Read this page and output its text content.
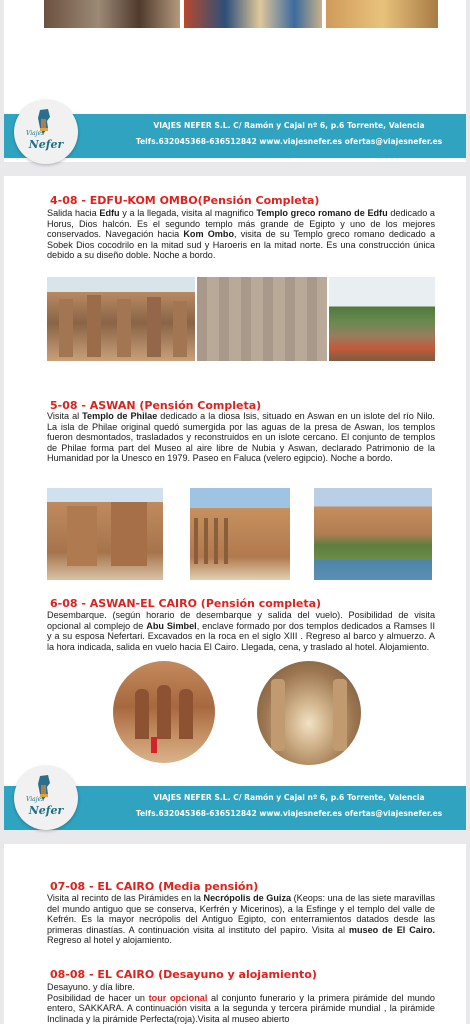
VIAJES NEFER S.L. C/ Ramón y Cajal nº 6, p.6 Torrente, Valencia
Telfs.632045368-636512842 www.viajesnefer.es ofertas@viajesnefer.es
Viajes
Nefer
4-08 - EDFU-KOM OMBO(Pensión Completa)

Salida hacia Edfu y a la llegada, visita al magnifico Templo greco romano de Edfu dedicado a Horus, Dios halcón. Es el segundo templo más grande de Egipto y uno de los mejores conservados. Navegación hacia Kom Ombo, visita de su Templo greco romano dedicado a Sobek Dios cocodrilo en la mitad sud y Haroeris en la mitad norte. Es una construcción única debido a su diseño doble. Noche a bordo.

5-08 - ASWAN (Pensión Completa)

Visita al Templo de Philae dedicado a la diosa Isis, situado en Aswan en un islote del río Nilo. La isla de Philae original quedó sumergida por las aguas de la presa de Aswan, los templos fueron desmontados, trasladados y reconstruidos en un islote cercano. El conjunto de templos de Philae forma part del Museo al aire libre de Nubia y Aswan, declarado Patrimonio de la Humanidad por la Unesco en 1979. Paseo en Faluca (velero egipcio). Noche a bordo.

6-08 - ASWAN-EL CAIRO (Pensión completa)

Desembarque. (según horario de desembarque y salida del vuelo). Posibilidad de visita opcional al complejo de Abu Simbel, enclave formado por dos templos dedicados a Ramses II y a su esposa Nefertari. Excavados en la roca en el siglo XIII . Regreso al barco y almuerzo. A la hora indicada, salida en vuelo hacia El Cairo. Llegada, cena, y traslado al hotel. Alojamiento.

VIAJES NEFER S.L. C/ Ramón y Cajal nº 6, p.6 Torrente, Valencia
Telfs.632045368-636512842 www.viajesnefer.es ofertas@viajesnefer.es
Viajes
Nefer
07-08 - EL CAIRO (Media pensión)

Visita al recinto de las Pirámides en la Necrópolis de Guiza (Keops: una de las siete maravillas del mundo antiguo que se conserva, Kerfrén y Micerinos), a la Esfinge y el templo del valle de Kefrén. Es la mayor necrópolis del Antiguo Egipto, con enterramientos datados desde las primeras dinastías. A continuación visita al instituto del papiro. Visita al museo de El Cairo. Regreso al hotel y alojamiento.

08-08 - EL CAIRO (Desayuno y alojamiento)

Desayuno. y día libre.
Posibilidad de hacer un tour opcional al conjunto funerario y la primera pirámide del mundo entero, SAKKARA. A continuación visita a la segunda y tercera pirámide mundial , la pirámide Inclinada y la pirámide Perfecta(roja).Visita al museo abierto
